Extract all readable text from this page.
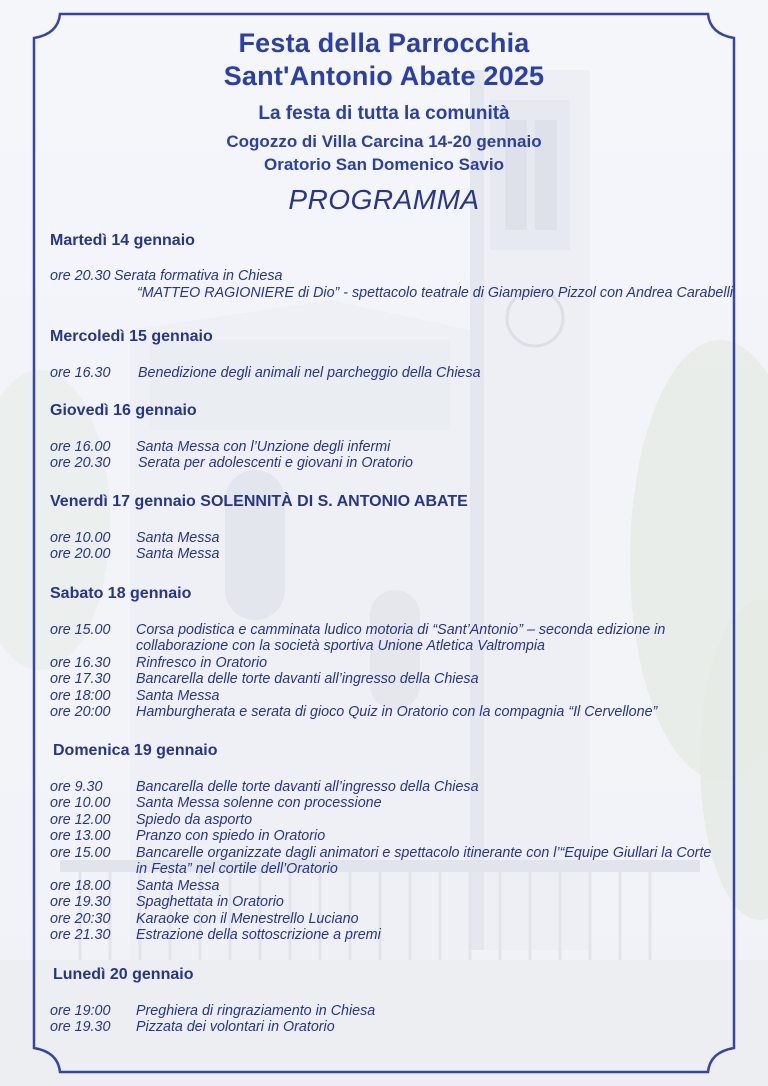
Festa della Parrocchia
Sant'Antonio Abate 2025
La festa di tutta la comunità
Cogozzo di Villa Carcina 14-20 gennaio
Oratorio San Domenico Savio
PROGRAMMA
Martedì 14 gennaio
ore 20.30 Serata formativa in Chiesa
“MATTEO RAGIONIERE di Dio” - spettacolo teatrale di Giampiero Pizzol con Andrea Carabelli
Mercoledì 15 gennaio
ore 16.30 Benedizione degli animali nel parcheggio della Chiesa
Giovedì 16 gennaio
ore 16.00 Santa Messa con l’Unzione degli infermi
ore 20.30 Serata per adolescenti e giovani in Oratorio
Venerdì 17 gennaio SOLENNITÀ DI S. ANTONIO ABATE
ore 10.00 Santa Messa
ore 20.00 Santa Messa
Sabato 18 gennaio
ore 15.00 Corsa podistica e camminata ludico motoria di “Sant’Antonio” – seconda edizione in
collaborazione con la società sportiva Unione Atletica Valtrompia
ore 16.30 Rinfresco in Oratorio
ore 17.30 Bancarella delle torte davanti all’ingresso della Chiesa
ore 18:00 Santa Messa
ore 20:00 Hamburgherata e serata di gioco Quiz in Oratorio con la compagnia “Il Cervellone”
Domenica 19 gennaio
ore 9.30 Bancarella delle torte davanti all’ingresso della Chiesa
ore 10.00 Santa Messa solenne con processione
ore 12.00 Spiedo da asporto
ore 13.00 Pranzo con spiedo in Oratorio
ore 15.00 Bancarelle organizzate dagli animatori e spettacolo itinerante con l’“Equipe Giullari la Corte
in Festa” nel cortile dell’Oratorio
ore 18.00 Santa Messa
ore 19.30 Spaghettata in Oratorio
ore 20:30 Karaoke con il Menestrello Luciano
ore 21.30 Estrazione della sottoscrizione a premi
Lunedì 20 gennaio
ore 19:00 Preghiera di ringraziamento in Chiesa
ore 19.30 Pizzata dei volontari in Oratorio
